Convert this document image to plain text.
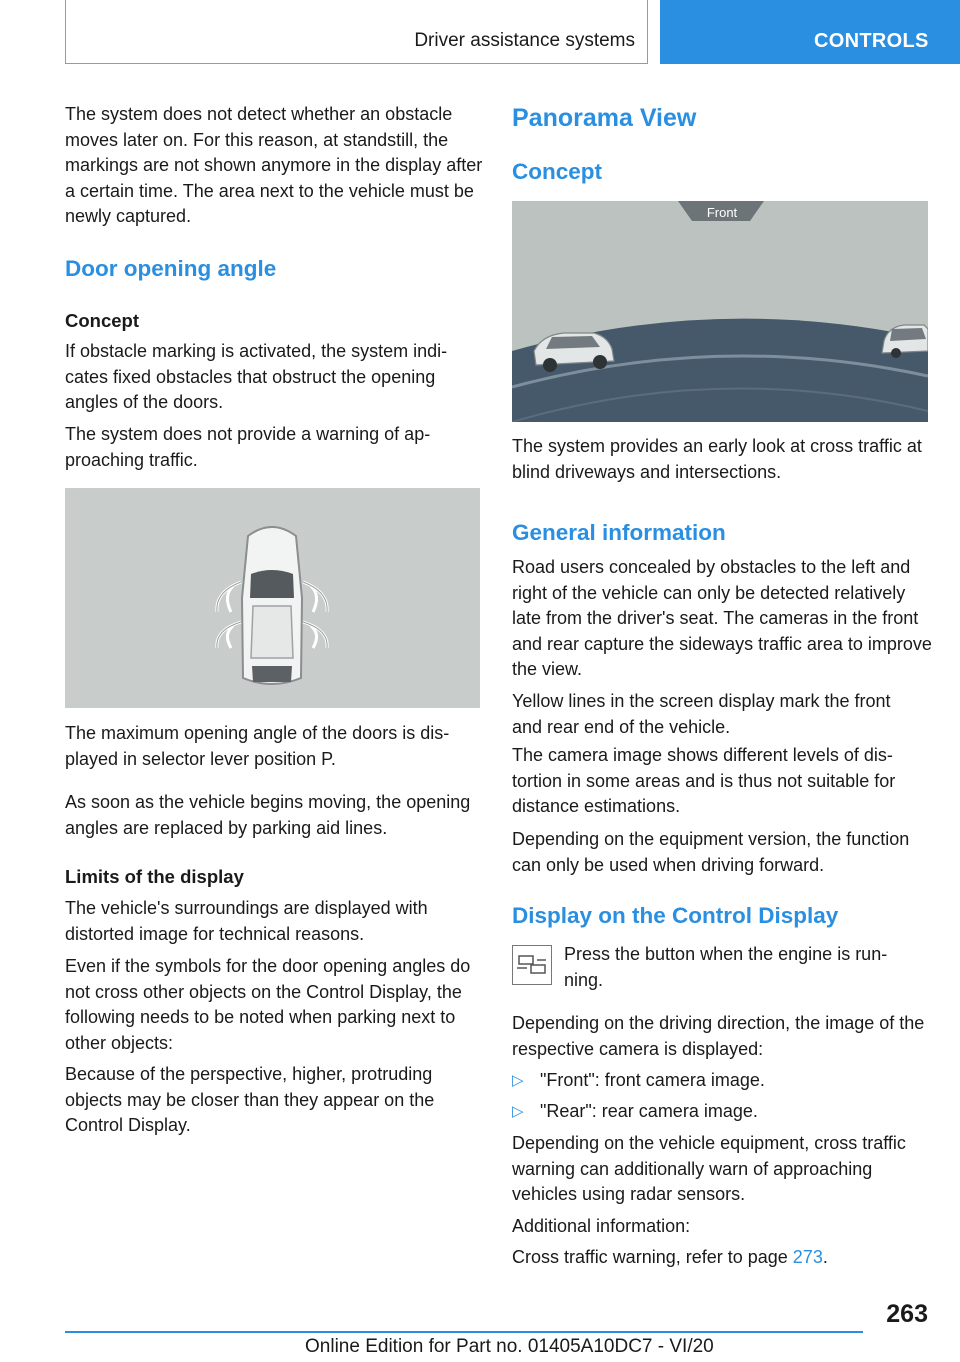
Driver assistance systems	CONTROLS

The system does not detect whether an obstacle moves later on. For this reason, at standstill, the markings are not shown anymore in the display after a certain time. The area next to the vehicle must be newly captured.

Door opening angle
Concept

If obstacle marking is activated, the system indicates fixed obstacles that obstruct the opening angles of the doors.

The system does not provide a warning of approaching traffic.

The maximum opening angle of the doors is displayed in selector lever position P.

As soon as the vehicle begins moving, the opening angles are replaced by parking aid lines.

Limits of the display

The vehicle's surroundings are displayed with distorted image for technical reasons.

Even if the symbols for the door opening angles do not cross other objects on the Control Display, the following needs to be noted when parking next to other objects:

Because of the perspective, higher, protruding objects may be closer than they appear on the Control Display.

Panorama View
Concept
Front

The system provides an early look at cross traffic at blind driveways and intersections.

General information

Road users concealed by obstacles to the left and right of the vehicle can only be detected relatively late from the driver's seat. The cameras in the front and rear capture the sideways traffic area to improve the view.

Yellow lines in the screen display mark the front and rear end of the vehicle.

The camera image shows different levels of distortion in some areas and is thus not suitable for distance estimations.

Depending on the equipment version, the function can only be used when driving forward.

Display on the Control Display

Press the button when the engine is running.

Depending on the driving direction, the image of the respective camera is displayed:

▷ "Front": front camera image.
▷ "Rear": rear camera image.

Depending on the vehicle equipment, cross traffic warning can additionally warn of approaching vehicles using radar sensors.

Additional information:

Cross traffic warning, refer to page 273.

263
Online Edition for Part no. 01405A10DC7 - VI/20
